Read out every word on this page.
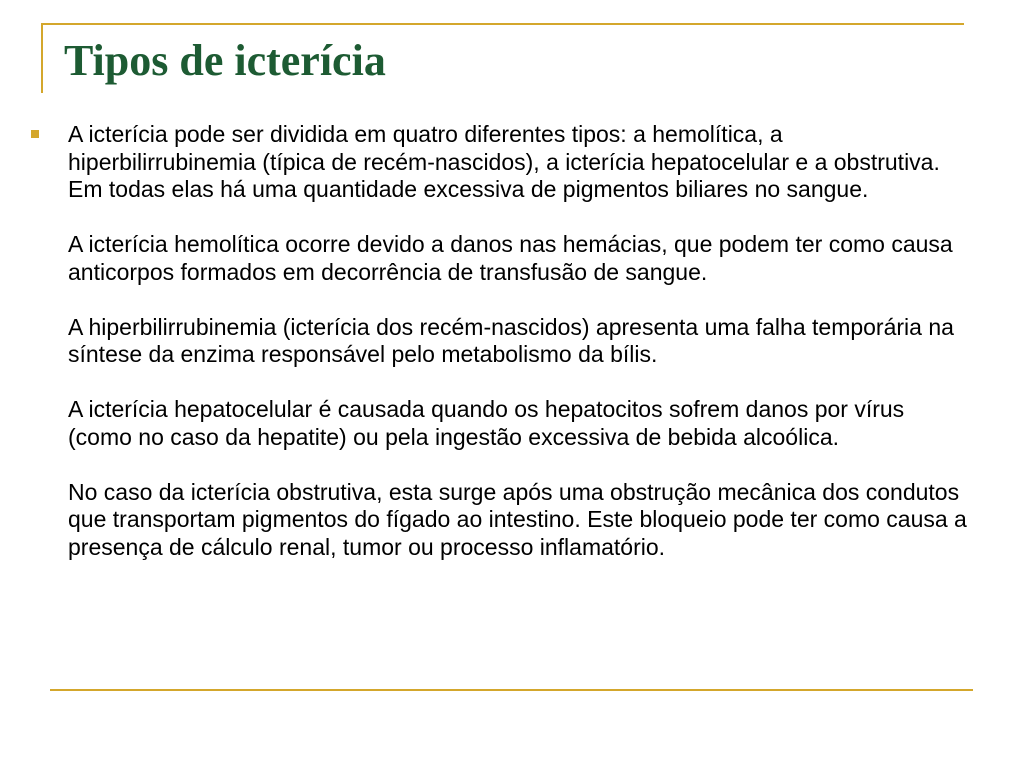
Tipos de icterícia

A icterícia pode ser dividida em quatro diferentes tipos: a hemolítica, a hiperbilirrubinemia (típica de recém-nascidos), a icterícia hepatocelular e a obstrutiva. Em todas elas há uma quantidade excessiva de pigmentos biliares no sangue.

A icterícia hemolítica ocorre devido a danos nas hemácias, que podem ter como causa anticorpos formados em decorrência de transfusão de sangue.

A hiperbilirrubinemia (icterícia dos recém-nascidos) apresenta uma falha temporária na síntese da enzima responsável pelo metabolismo da bílis.

A icterícia hepatocelular é causada quando os hepatocitos sofrem danos por vírus (como no caso da hepatite) ou pela ingestão excessiva de bebida alcoólica.

No caso da icterícia obstrutiva, esta surge após uma obstrução mecânica dos condutos que transportam pigmentos do fígado ao intestino. Este bloqueio pode ter como causa a presença de cálculo renal, tumor ou processo inflamatório.
